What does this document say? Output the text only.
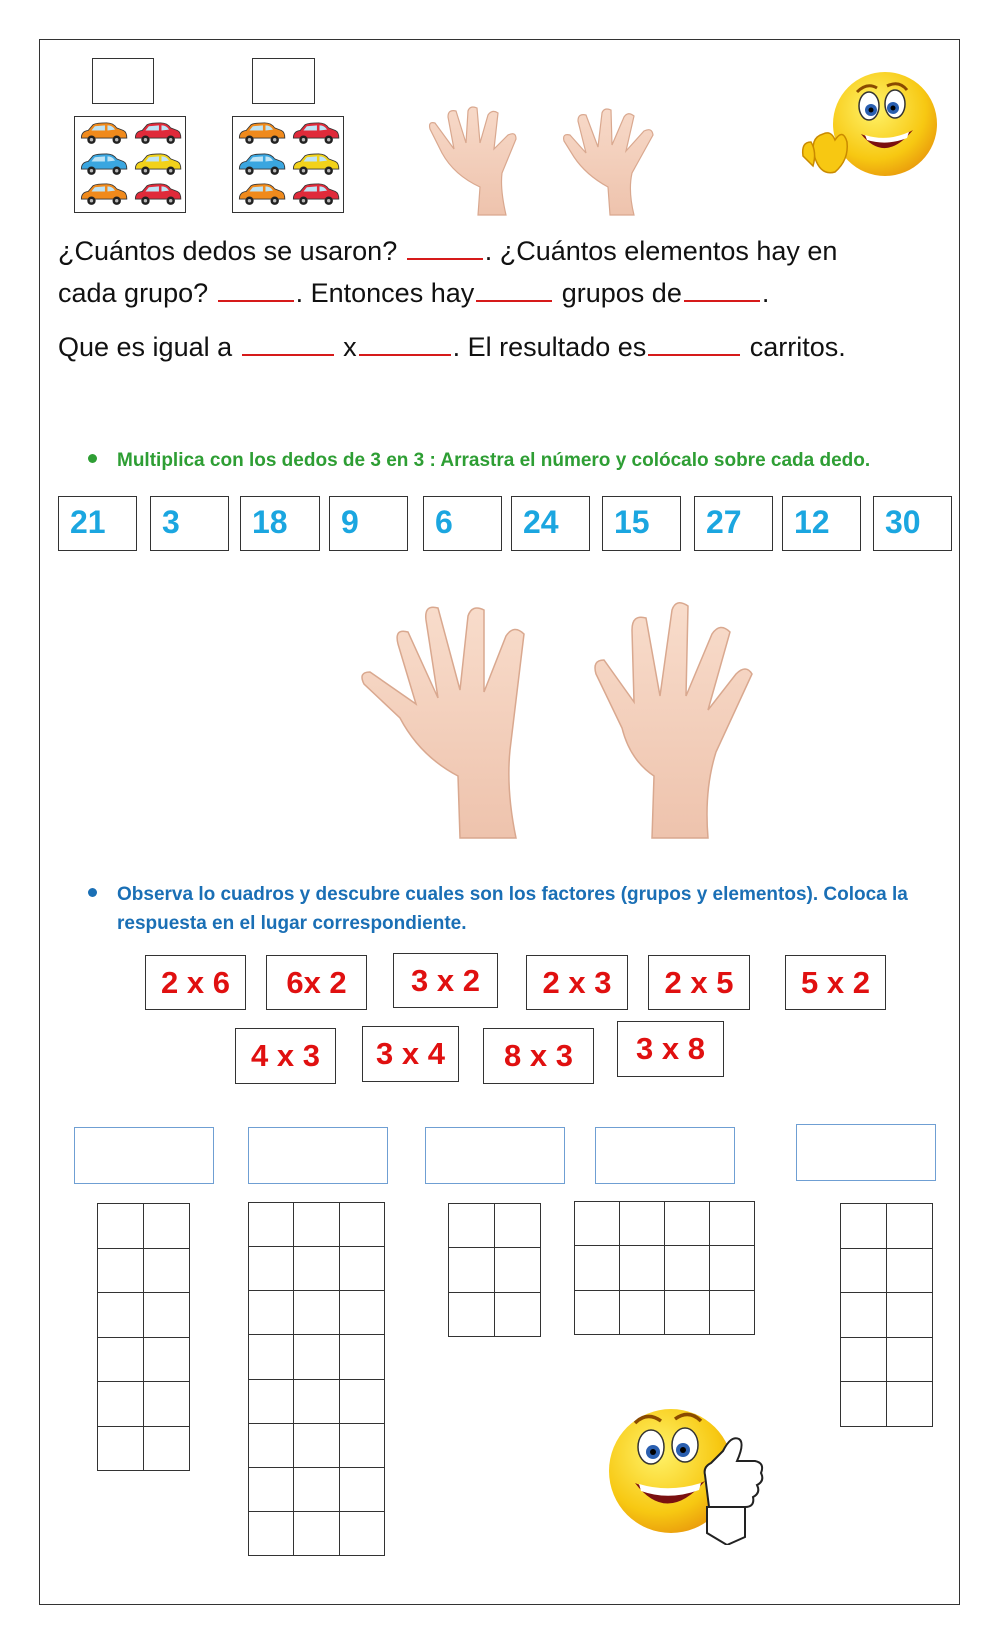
¿Cuántos dedos se usaron?	. ¿Cuántos elementos hay en
cada grupo?	. Entonces hay	grupos de	.
Que es igual a	x	. El resultado es	carritos.
Multiplica con los dedos de 3 en 3 : Arrastra el número y colócalo sobre cada dedo.
21	3	18	9	6	24	15	27	12	30
Observa lo cuadros y descubre cuales son los factores (grupos y elementos). Coloca la
respuesta en el lugar correspondiente.
2 x 6	6x 2	3 x 2	2 x 3	2 x 5	5 x 2
4 x 3	3 x 4	8 x 3	3 x 8
